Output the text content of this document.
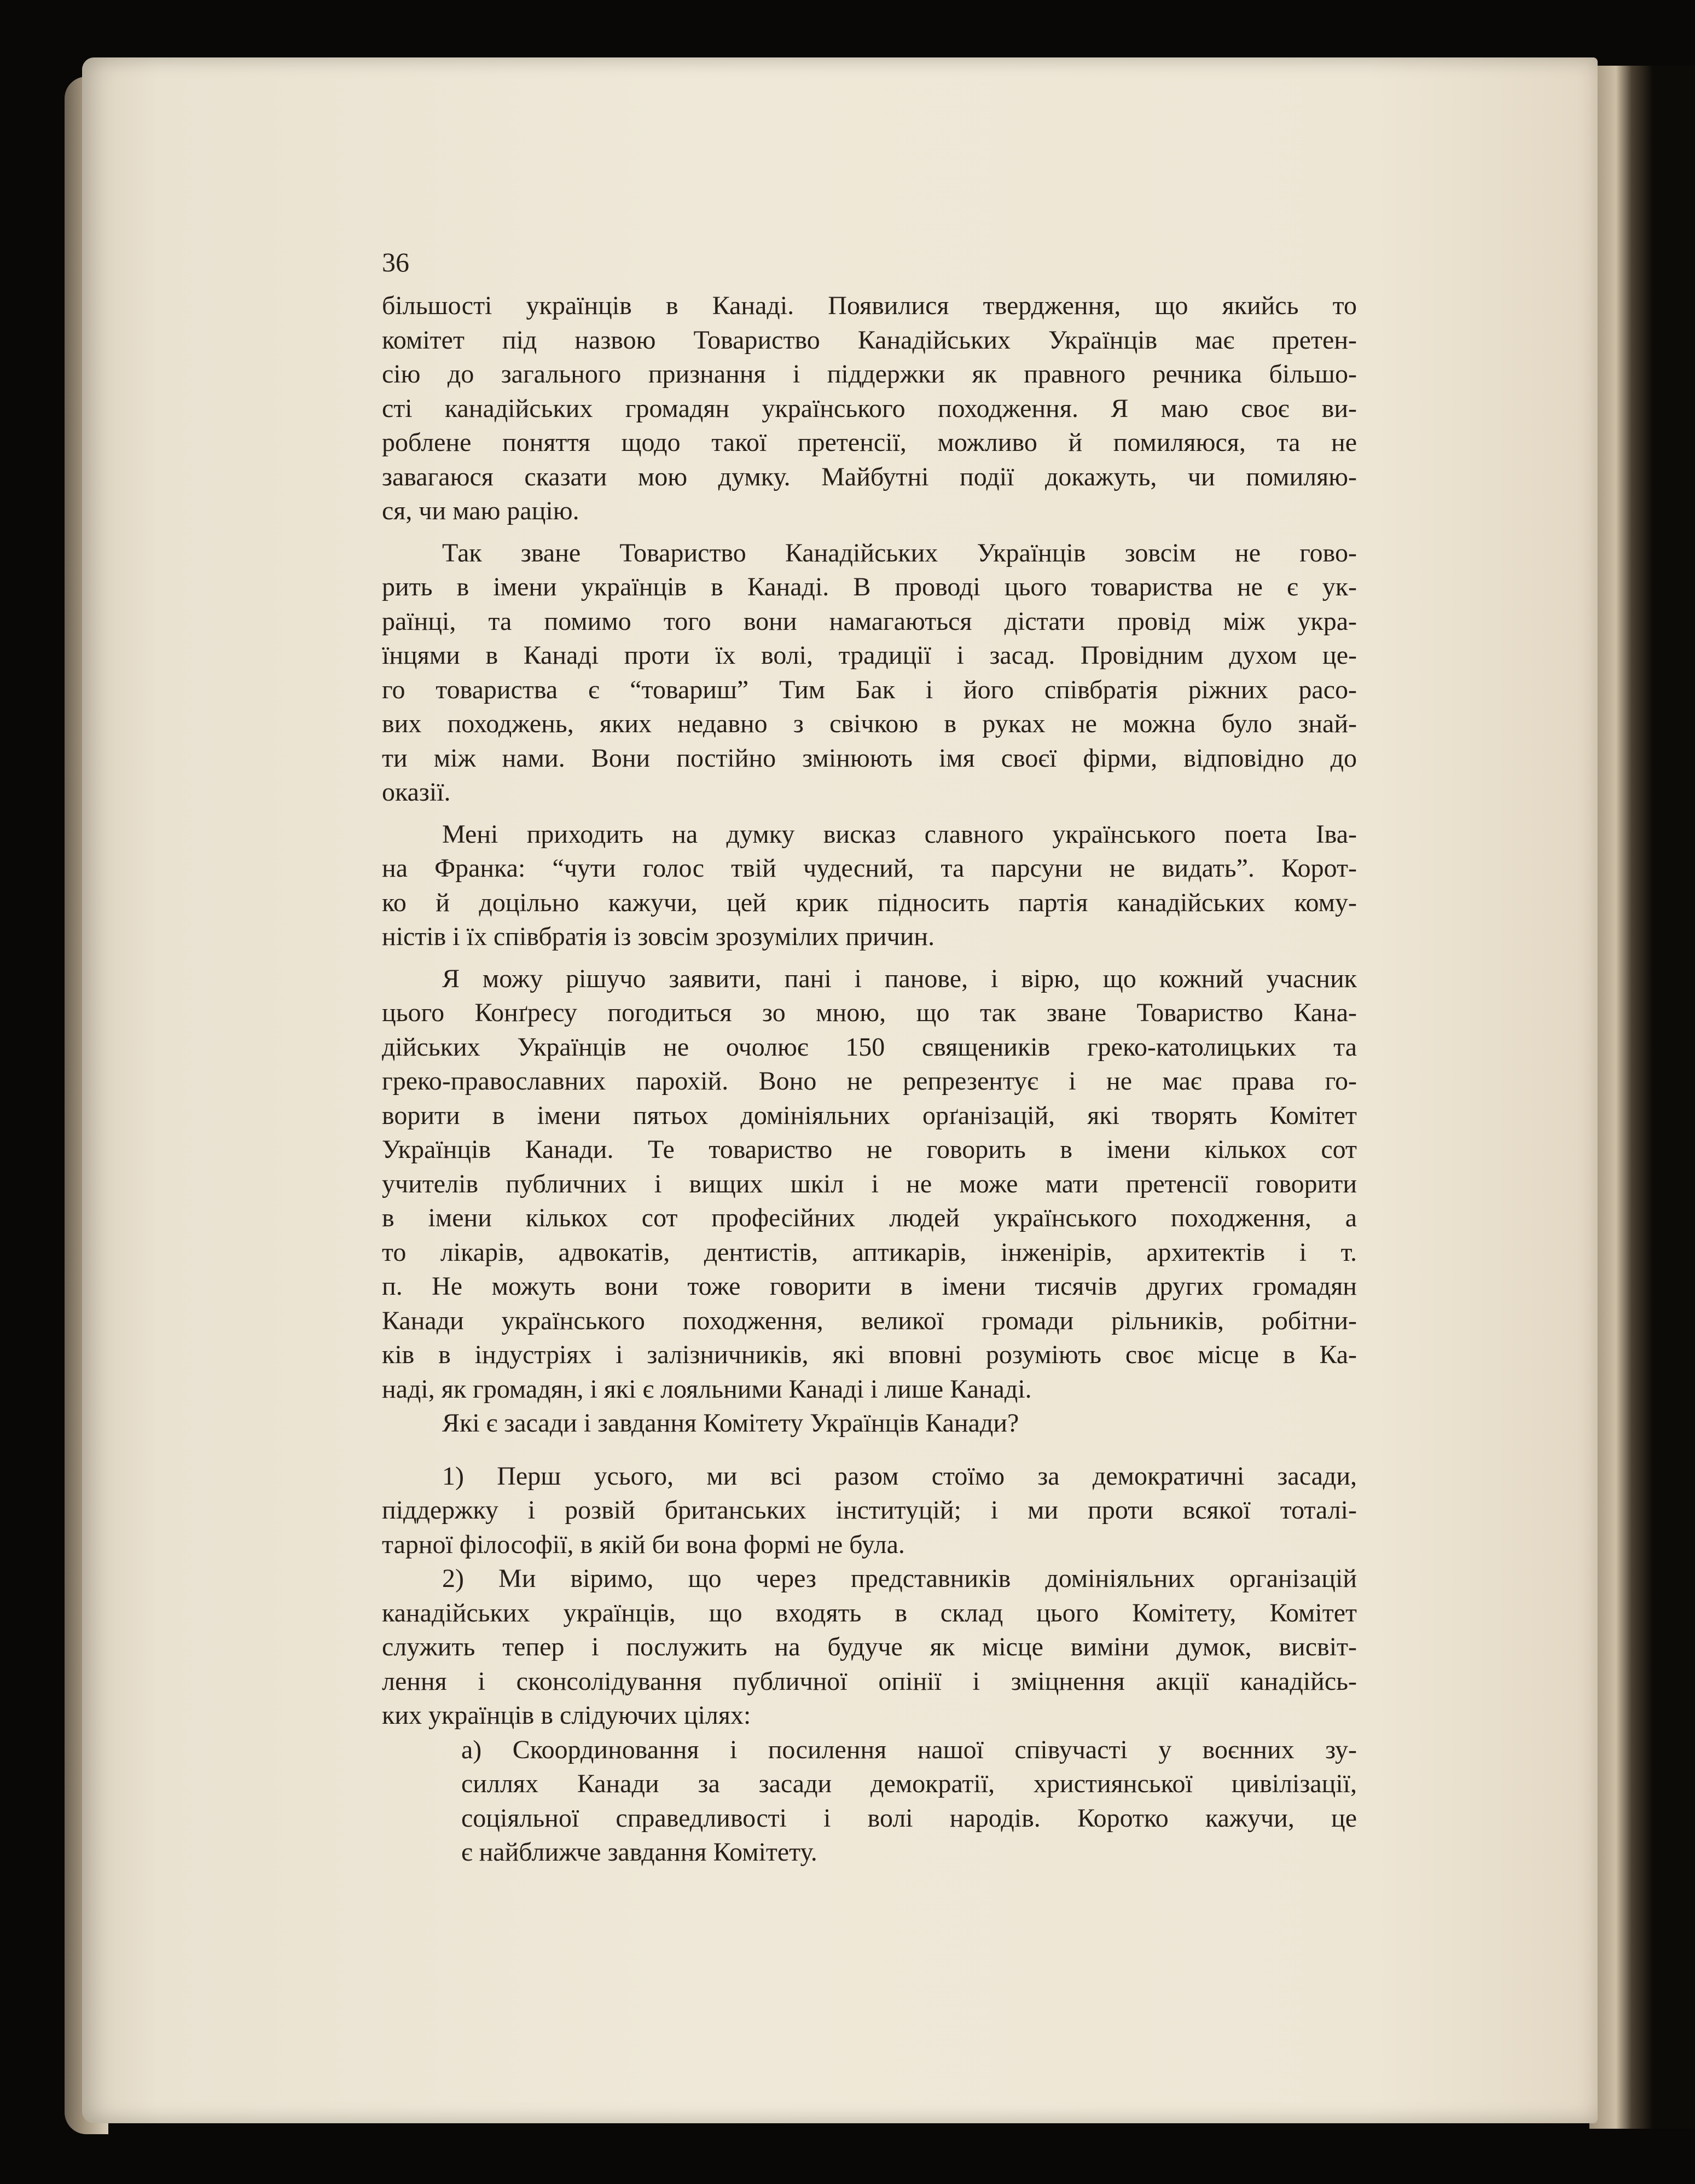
36
більшості українців в Канаді. Появилися твердження, що якийсь то
комітет під назвою Товариство Канадійських Українців має претен-
сію до загального признання і піддержки як правного речника більшо-
сті канадійських громадян українського походження. Я маю своє ви-
роблене поняття щодо такої претенсії, можливо й помиляюся, та не
завагаюся сказати мою думку. Майбутні події докажуть, чи помиляю-
ся, чи маю рацію.
Так зване Товариство Канадійських Українців зовсім не гово-
рить в імени українців в Канаді. В проводі цього товариства не є ук-
раїнці, та помимо того вони намагаються дістати провід між укра-
їнцями в Канаді проти їх волі, традиції і засад. Провідним духом це-
го товариства є “товариш” Тим Бак і його співбратія ріжних расо-
вих походжень, яких недавно з свічкою в руках не можна було знай-
ти між нами. Вони постійно змінюють імя своєї фірми, відповідно до
оказії.
Мені приходить на думку висказ славного українського поета Іва-
на Франка: “чути голос твій чудесний, та парсуни не видать”. Корот-
ко й доцільно кажучи, цей крик підносить партія канадійських кому-
ністів і їх співбратія із зовсім зрозумілих причин.
Я можу рішучо заявити, пані і панове, і вірю, що кожний учасник
цього Конґресу погодиться зо мною, що так зване Товариство Кана-
дійських Українців не очолює 150 священиків греко-католицьких та
греко-православних парохій. Воно не репрезентує і не має права го-
ворити в імени пятьох домініяльних орґанізацій, які творять Комітет
Українців Канади. Те товариство не говорить в імени кількох сот
учителів публичних і вищих шкіл і не може мати претенсії говорити
в імени кількох сот професійних людей українського походження, а
то лікарів, адвокатів, дентистів, аптикарів, інженірів, архитектів і т.
п. Не можуть вони тоже говорити в імени тисячів других громадян
Канади українського походження, великої громади рільників, робітни-
ків в індустріях і залізничників, які вповні розуміють своє місце в Ка-
наді, як громадян, і які є лояльними Канаді і лише Канаді.
Які є засади і завдання Комітету Українців Канади?
1) Перш усього, ми всі разом стоїмо за демократичні засади,
піддержку і розвій британських інституцій; і ми проти всякої тоталі-
тарної філософії, в якій би вона формі не була.
2) Ми віримо, що через представників домініяльних організацій
канадійських українців, що входять в склад цього Комітету, Комітет
служить тепер і послужить на будуче як місце виміни думок, висвіт-
лення і сконсолідування публичної опінії і зміцнення акції канадійсь-
ких українців в слідуючих цілях:
а) Скоординовання і посилення нашої співучасті у воєнних зу-
силлях Канади за засади демократії, християнської цивілізації,
соціяльної справедливості і волі народів. Коротко кажучи, це
є найближче завдання Комітету.
